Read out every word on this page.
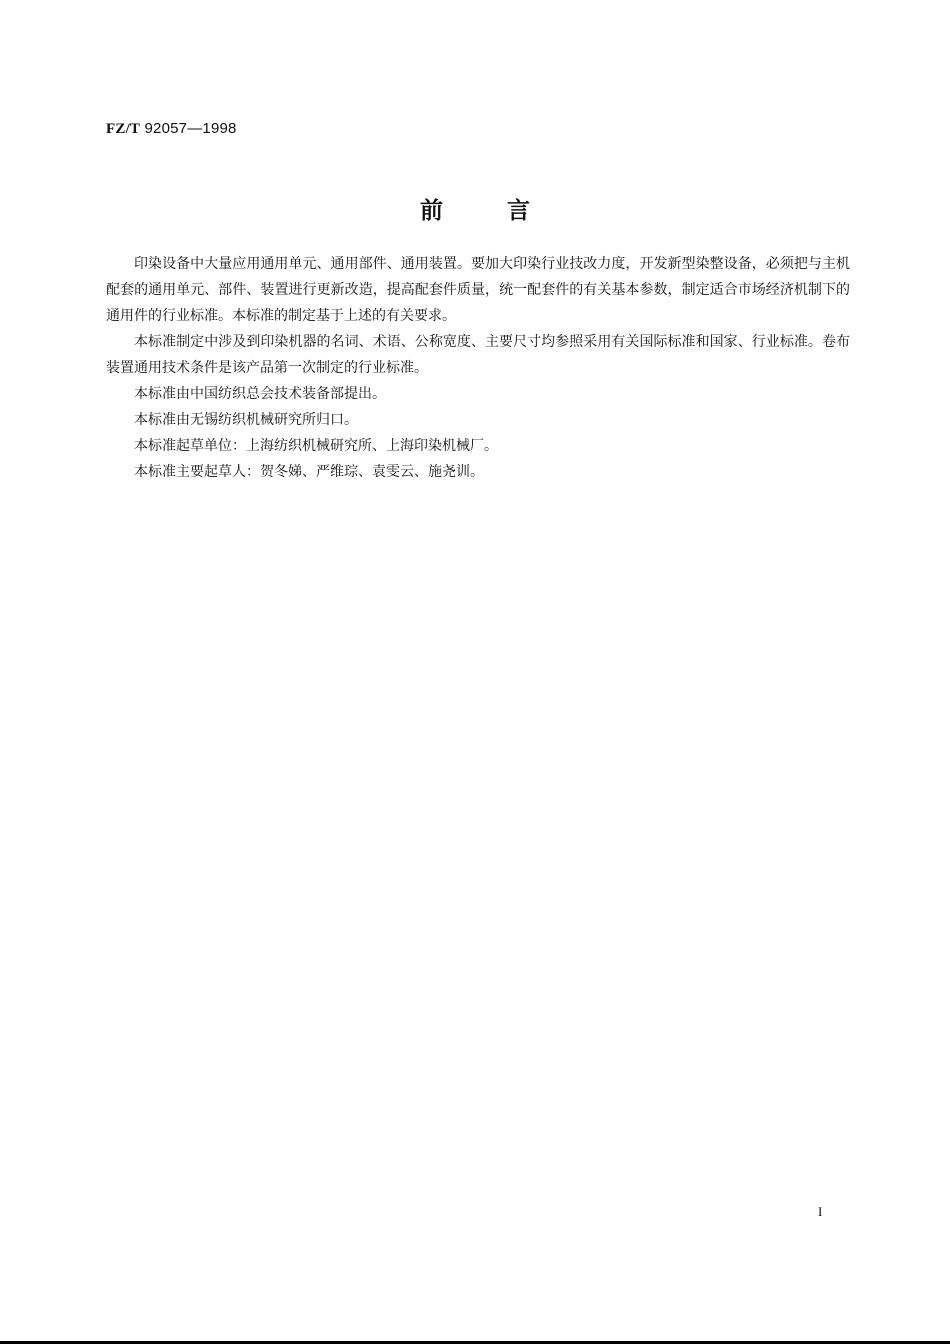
FZ/T 92057—1998
前言

印染设备中大量应用通用单元、通用部件、通用装置。要加大印染行业技改力度，开发新型染整设备，必须把与主机配套的通用单元、部件、装置进行更新改造，提高配套件质量，统一配套件的有关基本参数，制定适合市场经济机制下的通用件的行业标准。本标准的制定基于上述的有关要求。

本标准制定中涉及到印染机器的名词、术语、公称宽度、主要尺寸均参照采用有关国际标准和国家、行业标准。卷布装置通用技术条件是该产品第一次制定的行业标准。

本标准由中国纺织总会技术装备部提出。

本标准由无锡纺织机械研究所归口。

本标准起草单位：上海纺织机械研究所、上海印染机械厂。

本标准主要起草人：贺冬娣、严维琮、袁雯云、施尧训。

I
